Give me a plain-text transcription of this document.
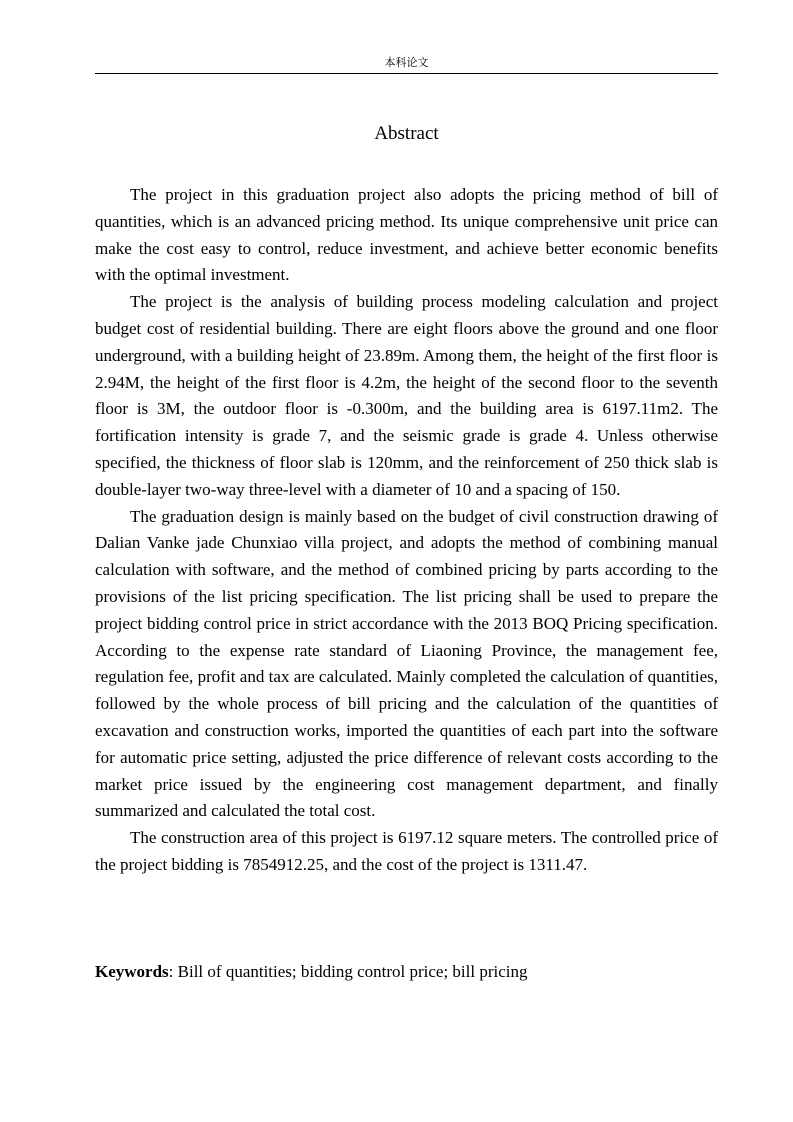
本科论文
Abstract

The project in this graduation project also adopts the pricing method of bill of quantities, which is an advanced pricing method. Its unique comprehensive unit price can make the cost easy to control, reduce investment, and achieve better economic benefits with the optimal investment.

The project is the analysis of building process modeling calculation and project budget cost of residential building. There are eight floors above the ground and one floor underground, with a building height of 23.89m. Among them, the height of the first floor is 2.94M, the height of the first floor is 4.2m, the height of the second floor to the seventh floor is 3M, the outdoor floor is -0.300m, and the building area is 6197.11m2. The fortification intensity is grade 7, and the seismic grade is grade 4. Unless otherwise specified, the thickness of floor slab is 120mm, and the reinforcement of 250 thick slab is double-layer two-way three-level with a diameter of 10 and a spacing of 150.

The graduation design is mainly based on the budget of civil construction drawing of Dalian Vanke jade Chunxiao villa project, and adopts the method of combining manual calculation with software, and the method of combined pricing by parts according to the provisions of the list pricing specification. The list pricing shall be used to prepare the project bidding control price in strict accordance with the 2013 BOQ Pricing specification. According to the expense rate standard of Liaoning Province, the management fee, regulation fee, profit and tax are calculated. Mainly completed the calculation of quantities, followed by the whole process of bill pricing and the calculation of the quantities of excavation and construction works, imported the quantities of each part into the software for automatic price setting, adjusted the price difference of relevant costs according to the market price issued by the engineering cost management department, and finally summarized and calculated the total cost.

The construction area of this project is 6197.12 square meters. The controlled price of the project bidding is 7854912.25, and the cost of the project is 1311.47.

Keywords: Bill of quantities; bidding control price; bill pricing
